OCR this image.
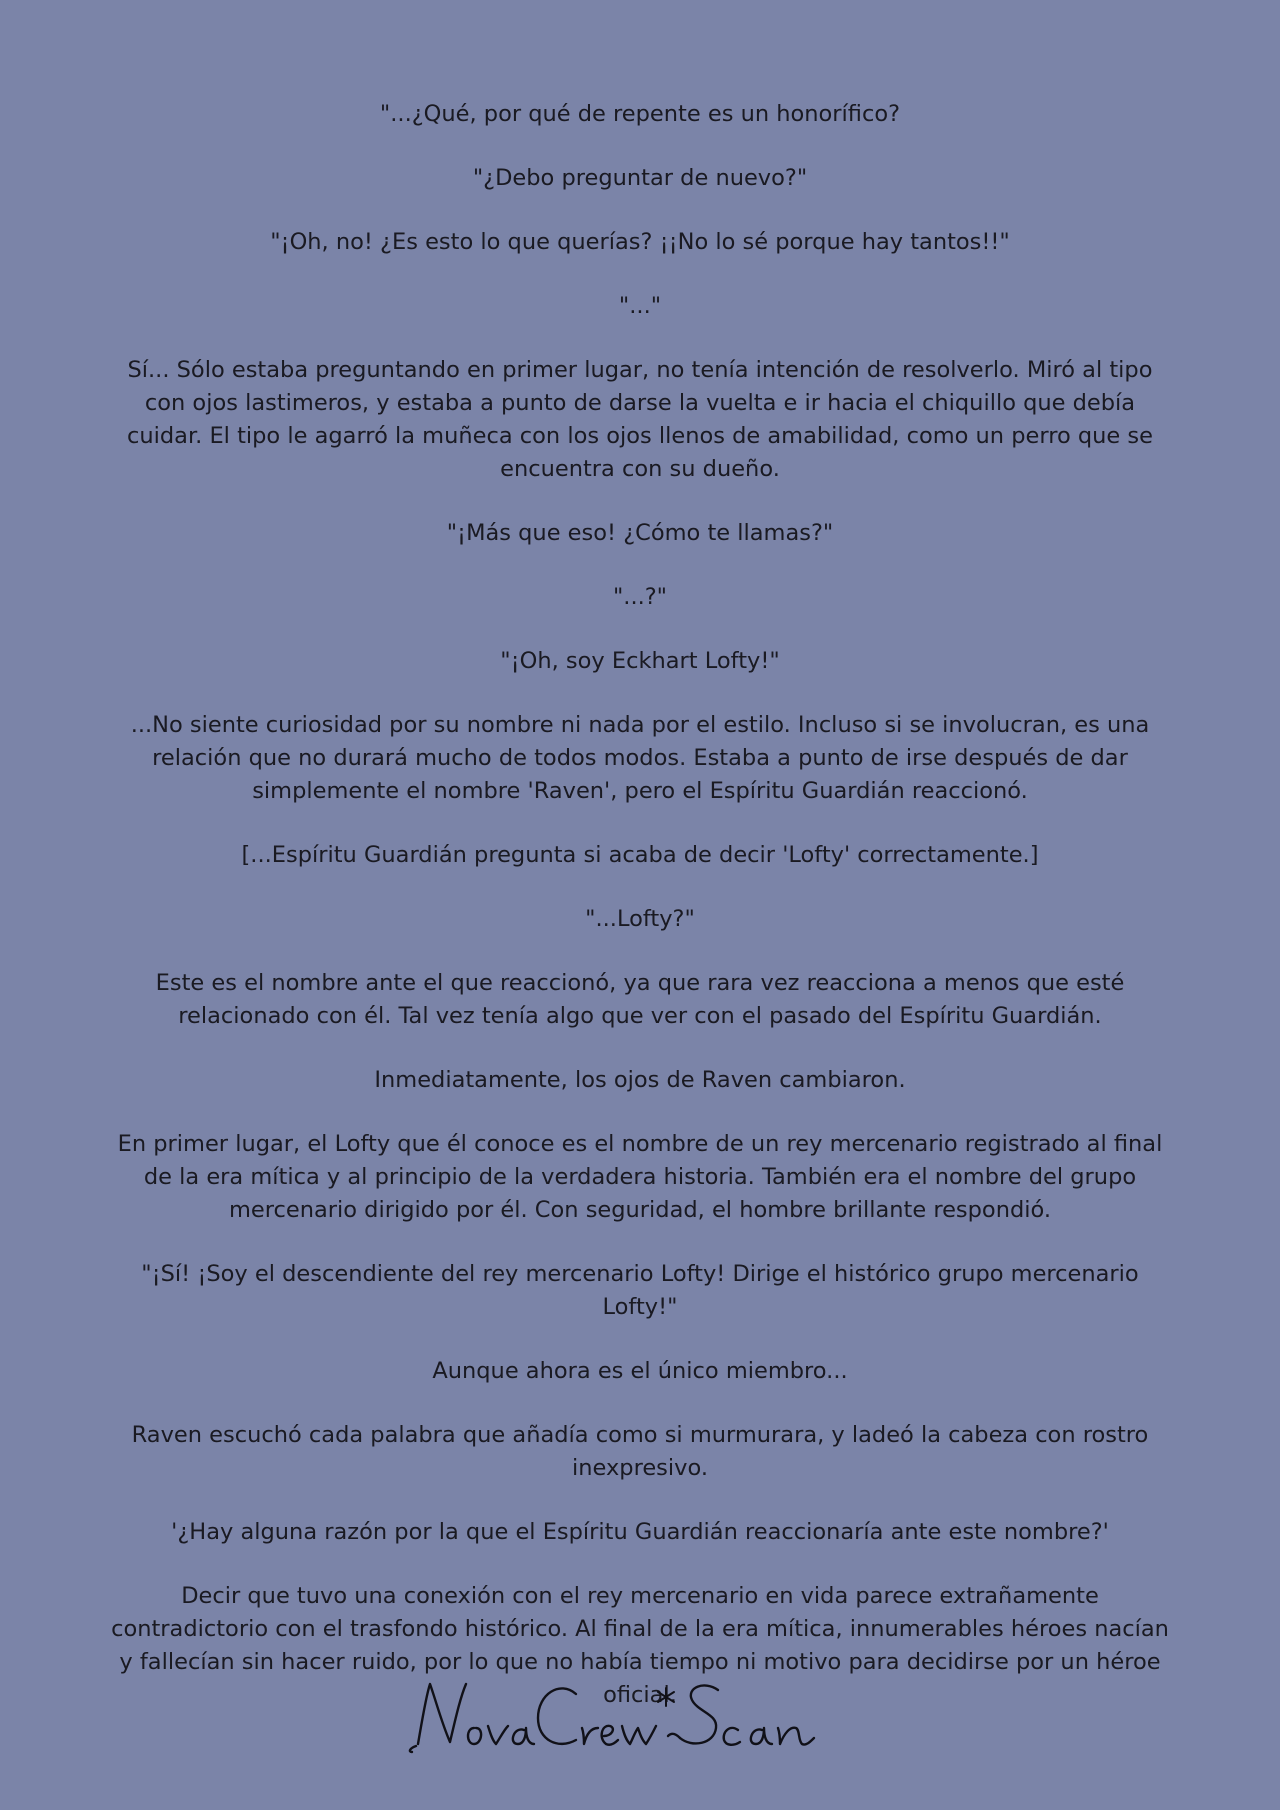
"...¿Qué, por qué de repente es un honorífico?

"¿Debo preguntar de nuevo?"

"¡Oh, no! ¿Es esto lo que querías? ¡¡No lo sé porque hay tantos!!"

"..."

Sí... Sólo estaba preguntando en primer lugar, no tenía intención de resolverlo. Miró al tipo con ojos lastimeros, y estaba a punto de darse la vuelta e ir hacia el chiquillo que debía cuidar. El tipo le agarró la muñeca con los ojos llenos de amabilidad, como un perro que se encuentra con su dueño.

"¡Más que eso! ¿Cómo te llamas?"

"...?"

"¡Oh, soy Eckhart Lofty!"

...No siente curiosidad por su nombre ni nada por el estilo. Incluso si se involucran, es una relación que no durará mucho de todos modos. Estaba a punto de irse después de dar simplemente el nombre 'Raven', pero el Espíritu Guardián reaccionó.

[...Espíritu Guardián pregunta si acaba de decir 'Lofty' correctamente.]

"...Lofty?"

Este es el nombre ante el que reaccionó, ya que rara vez reacciona a menos que esté relacionado con él. Tal vez tenía algo que ver con el pasado del Espíritu Guardián.

Inmediatamente, los ojos de Raven cambiaron.

En primer lugar, el Lofty que él conoce es el nombre de un rey mercenario registrado al final de la era mítica y al principio de la verdadera historia. También era el nombre del grupo mercenario dirigido por él. Con seguridad, el hombre brillante respondió.

"¡Sí! ¡Soy el descendiente del rey mercenario Lofty! Dirige el histórico grupo mercenario Lofty!"

Aunque ahora es el único miembro...

Raven escuchó cada palabra que añadía como si murmurara, y ladeó la cabeza con rostro inexpresivo.

'¿Hay alguna razón por la que el Espíritu Guardián reaccionaría ante este nombre?'

Decir que tuvo una conexión con el rey mercenario en vida parece extrañamente contradictorio con el trasfondo histórico. Al final de la era mítica, innumerables héroes nacían y fallecían sin hacer ruido, por lo que no había tiempo ni motivo para decidirse por un héroe oficial.
